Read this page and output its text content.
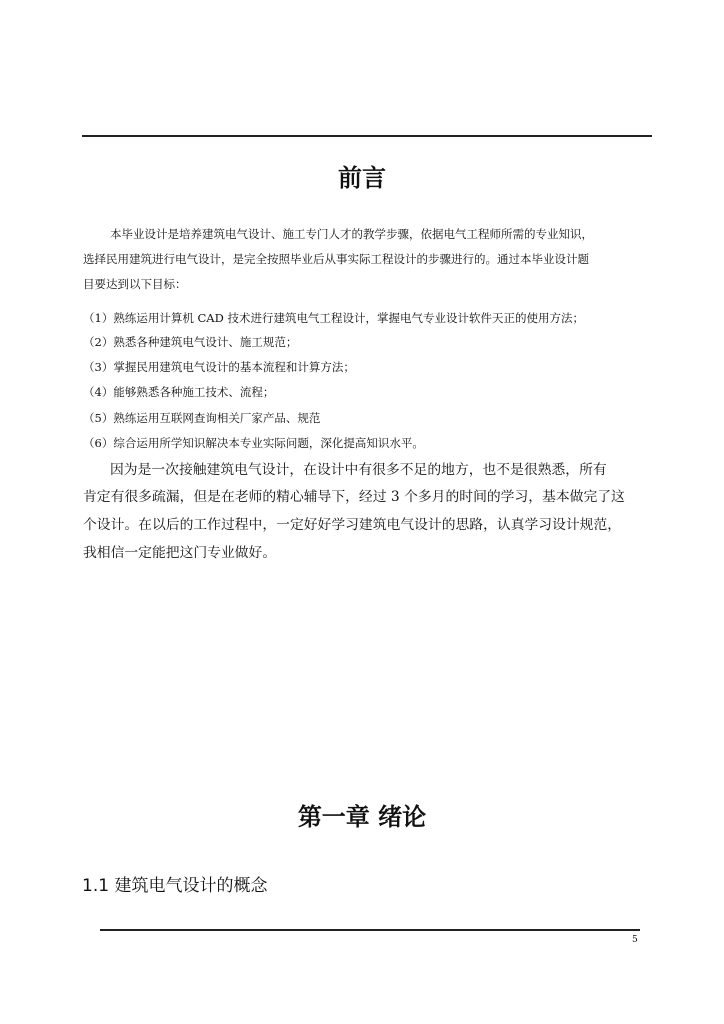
前言
本毕业设计是培养建筑电气设计、施工专门人才的教学步骤，依据电气工程师所需的专业知识，
选择民用建筑进行电气设计，是完全按照毕业后从事实际工程设计的步骤进行的。通过本毕业设计题
目要达到以下目标：
（1）熟练运用计算机 CAD 技术进行建筑电气工程设计，掌握电气专业设计软件天正的使用方法；
（2）熟悉各种建筑电气设计、施工规范；
（3）掌握民用建筑电气设计的基本流程和计算方法；
（4）能够熟悉各种施工技术、流程；
（5）熟练运用互联网查询相关厂家产品、规范
（6）综合运用所学知识解决本专业实际问题，深化提高知识水平。
因为是一次接触建筑电气设计，在设计中有很多不足的地方，也不是很熟悉，所有
肯定有很多疏漏，但是在老师的精心辅导下，经过 3 个多月的时间的学习，基本做完了这
个设计。在以后的工作过程中，一定好好学习建筑电气设计的思路，认真学习设计规范，
我相信一定能把这门专业做好。
第一章 绪论
1.1 建筑电气设计的概念
5
